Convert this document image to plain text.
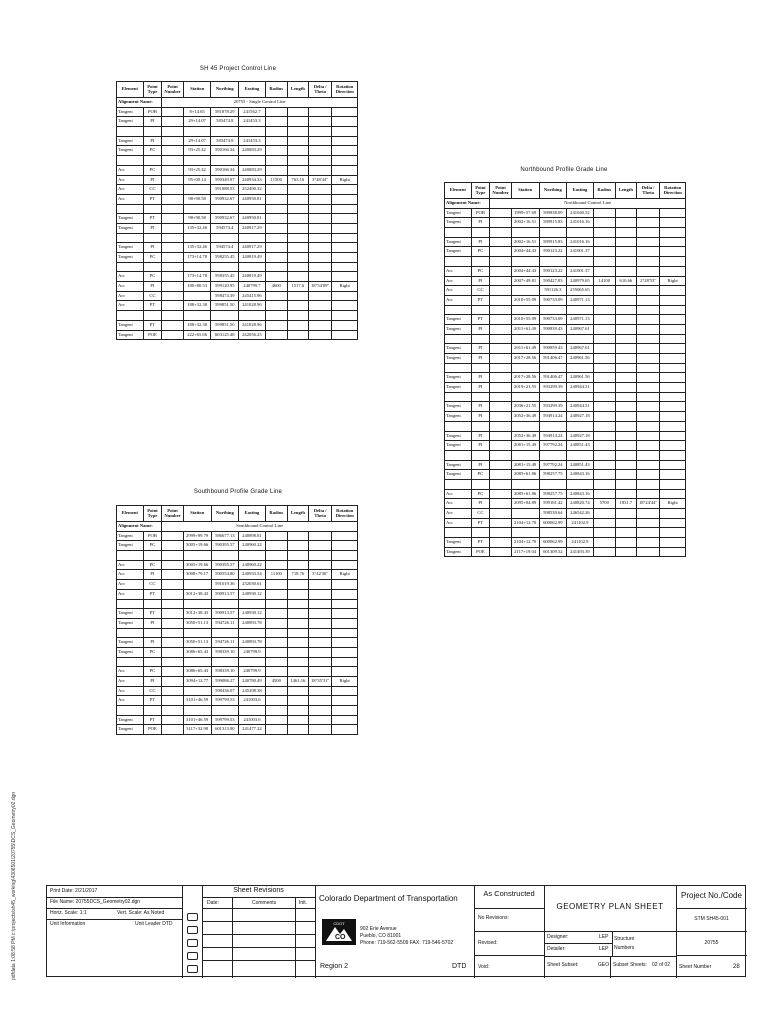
pdfdata 1:08:58 PM c:\projects\sh45_working\4306501\20755\DCS_Geometry02.dgn
SH 45 Project Control Line
Southbound Profile Grade Line
Northbound Profile Grade Line
Element	Point Type	Point Number	Station	Northing	Easting	Radius	Length	Delta / Theta	Rotation Direction
Alignment Name:		20755 - Single Control Line							
Tangent	POB		8+14.65	581878.29	241562.7				
Tangent	PI		29+14.07	583474.8	241453.3				

Tangent	PI		29+14.07	583474.8	241453.3				
Tangent	PC		93+25.42	590166.34	240083.29				

Arc	PC		93+25.42	590166.34	240083.29				
Arc	PI		95+00.14	590349.97	240934.33	11500	763.16	3°48'44"	Right
Arc	CC			591088.53	252490.32				
Arc	PT		98+90.58	590932.67	240950.81				

Tangent	PT		98+90.58	590932.67	240950.81				
Tangent	PI		135+32.46	594574.4	240917.29				

Tangent	PI		135+32.46	594574.4	240917.29				
Tangent	PC		173+14.78	598255.45	240819.49				

Arc	PC		173+14.78	598355.45	240819.49				
Arc	PI		180+80.53	599120.95	240799.7	4600	1517.6	18°54'09"	Right
Arc	CC			598474.39	245415.96				
Arc	PT		188+32.38	599851.50	241028.96				

Tangent	PT		188+32.38	599851.50	241028.96				
Tangent	POE		222+65.66	603125.48	242056.25				
Element	Point Type	Point Number	Station	Northing	Easting	Radius	Length	Delta / Theta	Rotation Direction
Alignment Name:		Southbound Control Line							
Tangent	POB		2999+99.79	586677.13	240898.81				
Tangent	PC		3005+19.66	590395.57	240960.22				

Arc	PC		3005+19.66	590395.57	240960.22				
Arc	PI		3008+79.17	590554.80	240933.54	11100	718.76	3°42'36"	Right
Arc	CC			591019.36	252030.61				
Arc	PT		3012+38.43	590913.57	240930.12				

Tangent	PT		3012+38.43	590913.57	240930.12				
Tangent	PI		3050+51.13	594726.11	240893.78				

Tangent	PI		3050+51.13	594726.11	240893.78				
Tangent	PC		3086+65.43	598339.10	240799.9				

Arc	PC		3086+65.43	598339.10	240799.9				
Arc	PI		3094+12.77	599086.27	240780.49	4500	1461.16	18°35'31"	Right
Arc	CC			598436.07	245298.38				
Arc	PT		3101+46.59	599799.53	241003.6				

Tangent	PT		3101+46.59	599799.53	241003.6				
Tangent	POE		3117+32.98	601313.90	241477.22				
Element	Point Type	Point Number	Station	Northing	Easting	Radius	Length	Delta / Theta	Rotation Direction
Alignment Name:		Northbound Control Line							
Tangent	POB		1999+57.69	589838.09	241040.52				
Tangent	PI		2002+16.51	589915.83	241016.16				

Tangent	PI		2002+16.51	589915.83	241016.16				
Tangent	PC		2004+44.43	590123.22	241001.37				

Arc	PC		2004+44.43	590123.22	241001.37				
Arc	PI		2007+49.81	590427.83	240979.65	14100	610.66	2°28'53"	Right
Arc	CC			591126.3	255065.65				
Arc	PT		2010+55.09	590733.09	240971.13				

Tangent	PT		2010+55.09	590733.09	240971.13				
Tangent	PI		2011+61.49	590839.43	240967.61				

Tangent	PI		2011+61.49	590859.43	240967.61				
Tangent	PI		2017+28.56	591406.47	240961.56				

Tangent	PI		2017+28.56	591406.47	240961.56				
Tangent	PI		2019+21.55	593299.39	240944.51				

Tangent	PI		2036+21.55	593299.39	240944.51				
Tangent	PI		2052+36.49	594914.24	240927.18				

Tangent	PI		2052+36.49	594914.24	240927.18				
Tangent	PI		2081+15.49	597792.24	240851.43				

Tangent	PI		2081+15.49	597792.24	240851.43				
Tangent	PC		2085+61.86	598257.75	240843.16				

Arc	PC		2085+61.86	598257.75	240843.16				
Arc	PI		2095+04.89	599181.42	240820.74	5700	1831.7	18°24'44"	Right
Arc	CC			598539.64	246542.26				
Arc	PT		2104+12.70	600062.99	241102.9				

Tangent	PT		2104+12.70	600062.99	241102.9				
Tangent	POE		2117+19.04	601309.52	241493.39				
Print Date: 2/21/2017
File Name: 20755DCS_Geometry02.dgn
Horiz. Scale: 1:1	Vert. Scale: As Noted
Unit Information	Unit Leader DTD
Sheet Revisions
Date:	Comments	Init. Colorado Department of Transportation
CDOT
CO
902 Erie Avenue
Pueblo, CO 81001
Phone: 719-562-5509 FAX: 719-546-5702
Region 2	DTD
As Constructed
No Revisions:
Revised:
Void:
GEOMETRY PLAN SHEET
Designer:	LEP
Detailer:	LEP
Structure
Numbers
Sheet Subset:	GEO Subset Sheets: 02 of 02
Project No./Code
STM SH45-001
20755
Sheet Number	28
